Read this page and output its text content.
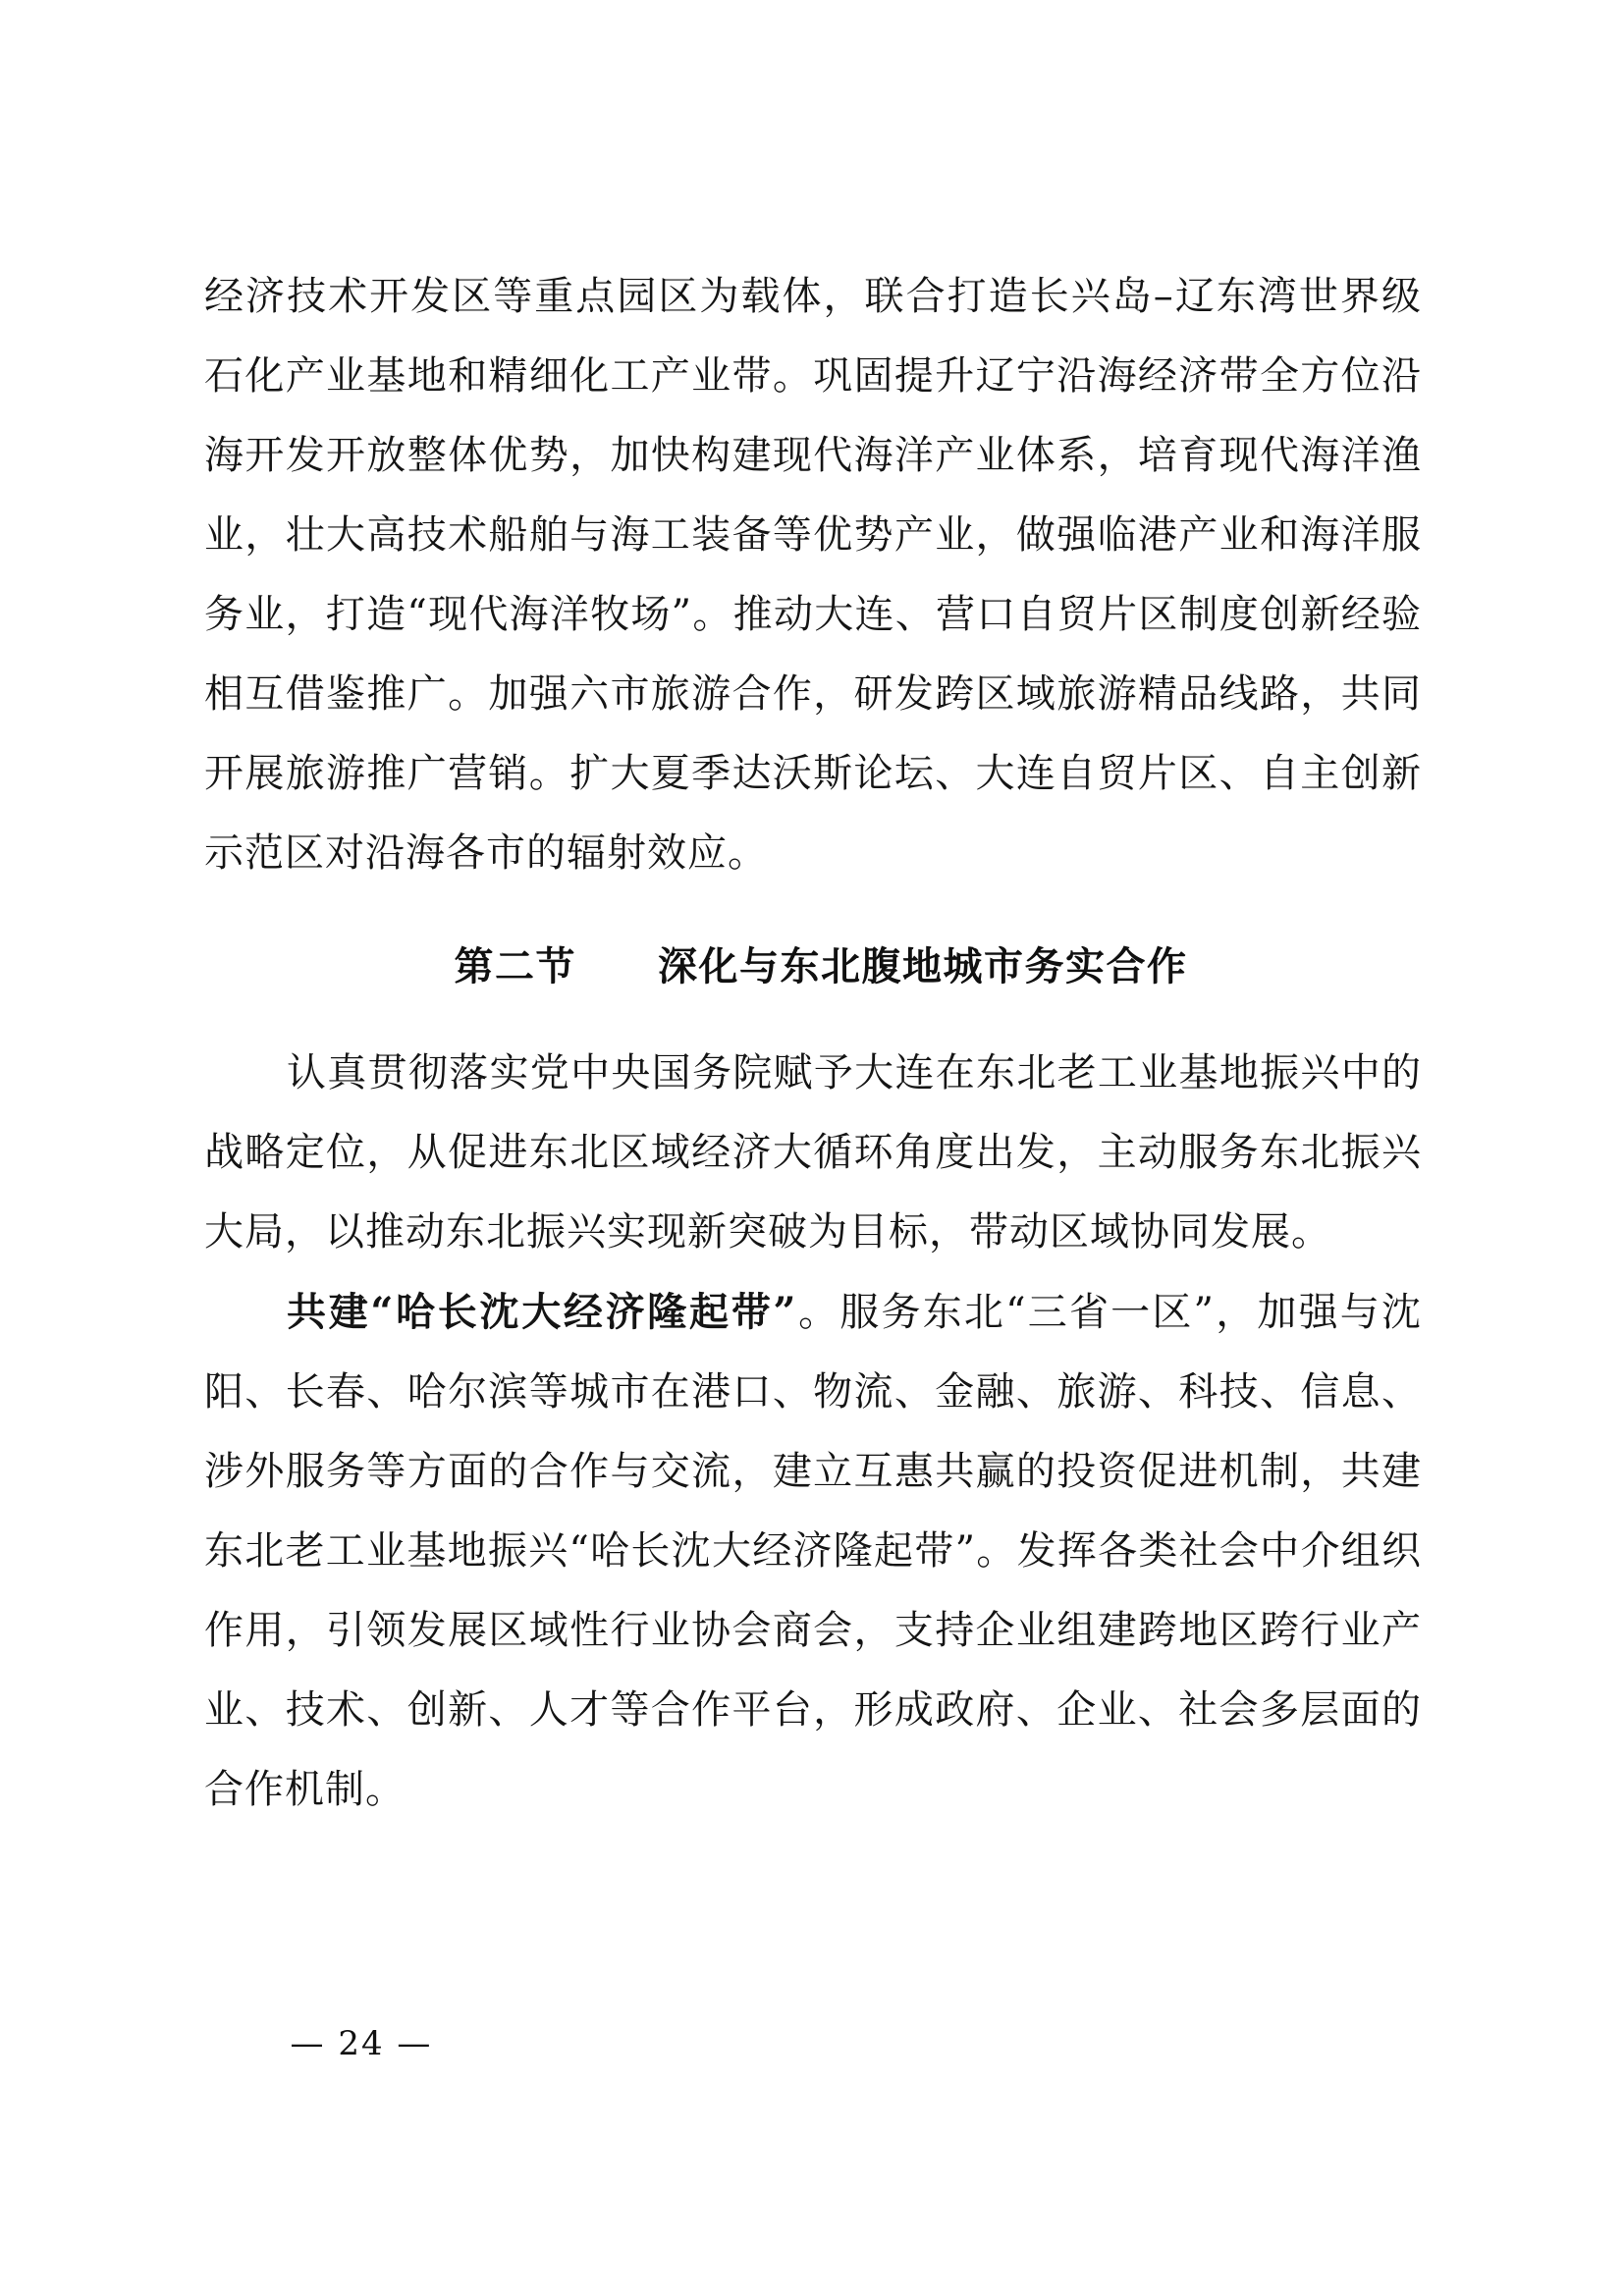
经济技术开发区等重点园区为载体，联合打造长兴岛–辽东湾世界级石化产业基地和精细化工产业带。巩固提升辽宁沿海经济带全方位沿海开发开放整体优势，加快构建现代海洋产业体系，培育现代海洋渔业，壮大高技术船舶与海工装备等优势产业，做强临港产业和海洋服务业，打造“现代海洋牧场”。推动大连、营口自贸片区制度创新经验相互借鉴推广。加强六市旅游合作，研发跨区域旅游精品线路，共同开展旅游推广营销。扩大夏季达沃斯论坛、大连自贸片区、自主创新示范区对沿海各市的辐射效应。

第二节　　深化与东北腹地城市务实合作

认真贯彻落实党中央国务院赋予大连在东北老工业基地振兴中的战略定位，从促进东北区域经济大循环角度出发，主动服务东北振兴大局，以推动东北振兴实现新突破为目标，带动区域协同发展。

共建“哈长沈大经济隆起带”。服务东北“三省一区”，加强与沈阳、长春、哈尔滨等城市在港口、物流、金融、旅游、科技、信息、涉外服务等方面的合作与交流，建立互惠共赢的投资促进机制，共建东北老工业基地振兴“哈长沈大经济隆起带”。发挥各类社会中介组织作用，引领发展区域性行业协会商会，支持企业组建跨地区跨行业产业、技术、创新、人才等合作平台，形成政府、企业、社会多层面的合作机制。

— 24 —
